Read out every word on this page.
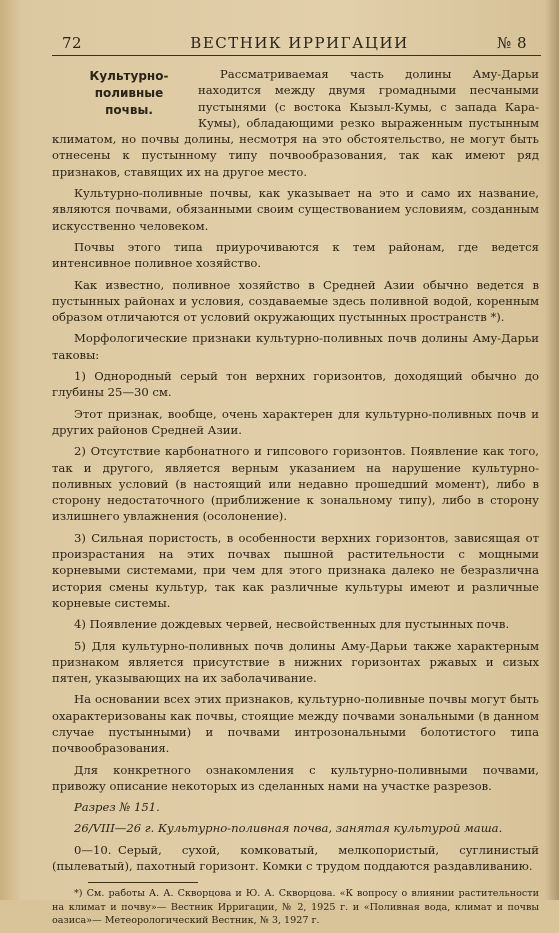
72	ВЕСТНИК ИРРИГАЦИИ	№ 8
Культурно-поливные почвы.

Рассматриваемая часть долины Аму-Дарьи находится между двумя громадными песчаными пустынями (с востока Кызыл-Кумы, с запада Кара-Кумы), обладающими резко выраженным пустынным климатом, но почвы долины, несмотря на это обстоятельство, не могут быть отнесены к пустынному типу почвообразования, так как имеют ряд признаков, ставящих их на другое место.

Культурно-поливные почвы, как указывает на это и само их название, являются почвами, обязанными своим существованием условиям, созданным искусственно человеком.

Почвы этого типа приурочиваются к тем районам, где ведется интенсивное поливное хозяйство.

Как известно, поливное хозяйство в Средней Азии обычно ведется в пустынных районах и условия, создаваемые здесь поливной водой, коренным образом отличаются от условий окружающих пустынных пространств *).

Морфологические признаки культурно-поливных почв долины Аму-Дарьи таковы:

1) Однородный серый тон верхних горизонтов, доходящий обычно до глубины 25—30 см.

Этот признак, вообще, очень характерен для культурно-поливных почв и других районов Средней Азии.

2) Отсутствие карбонатного и гипсового горизонтов. Появление как того, так и другого, является верным указанием на нарушение культурно-поливных условий (в настоящий или недавно прошедший момент), либо в сторону недостаточного (приближение к зональному типу), либо в сторону излишнего увлажнения (осолонение).

3) Сильная пористость, в особенности верхних горизонтов, зависящая от произрастания на этих почвах пышной растительности с мощными корневыми системами, при чем для этого признака далеко не безразлична история смены культур, так как различные культуры имеют и различные корневые системы.

4) Появление дождевых червей, несвойственных для пустынных почв.

5) Для культурно-поливных почв долины Аму-Дарьи также характерным признаком является присутствие в нижних горизонтах ржавых и сизых пятен, указывающих на их заболачивание.

На основании всех этих признаков, культурно-поливные почвы могут быть охарактеризованы как почвы, стоящие между почвами зональными (в данном случае пустынными) и почвами интрозональными болотистого типа почвообразования.

Для конкретного ознакомления с культурно-поливными почвами, привожу описание некоторых из сделанных нами на участке разрезов.

Разрез № 151.

26/VIII—26 г. Культурно-поливная почва, занятая культурой маша.

0—10. Серый, сухой, комковатый, мелкопористый, суглинистый (пылеватый), пахотный горизонт. Комки с трудом поддаются раздавливанию.

*) См. работы А. А. Скворцова и Ю. А. Скворцова. «К вопросу о влиянии растительности на климат и почву»— Вестник Ирригации, № 2, 1925 г. и «Поливная вода, климат и почвы оазиса»— Метеорологический Вестник, № 3, 1927 г.
